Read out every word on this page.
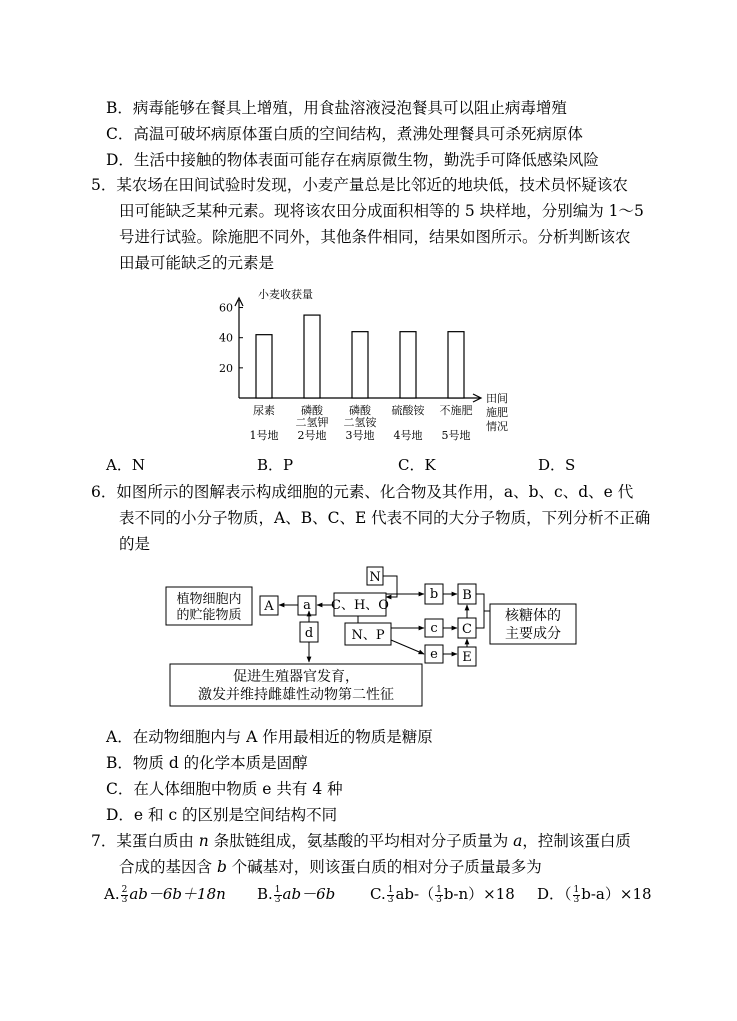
B．病毒能够在餐具上增殖，用食盐溶液浸泡餐具可以阻止病毒增殖
C．高温可破坏病原体蛋白质的空间结构，煮沸处理餐具可杀死病原体
D．生活中接触的物体表面可能存在病原微生物，勤洗手可降低感染风险
5．某农场在田间试验时发现，小麦产量总是比邻近的地块低，技术员怀疑该农
田可能缺乏某种元素。现将该农田分成面积相等的 5 块样地，分别编为 1～5
号进行试验。除施肥不同外，其他条件相同，结果如图所示。分析判断该农
田最可能缺乏的元素是
小麦收获量
20
40
60
尿素
1号地
磷酸
二氢钾
2号地
磷酸
二氢铵
3号地
硫酸铵
4号地
不施肥
5号地
田间
施肥
情况
A．N	B．P	C．K	D．S
6．如图所示的图解表示构成细胞的元素、化合物及其作用，a、b、c、d、e 代
表不同的小分子物质，A、B、C、E 代表不同的大分子物质，下列分析不正确
的是
植物细胞内
的贮能物质
A a C、H、O
N
d	N、P
b
c
e
B
C
E
核糖体的
主要成分
促进生殖器官发育，
激发并维持雌雄性动物第二性征
A．在动物细胞内与 A 作用最相近的物质是糖原
B．物质 d 的化学本质是固醇
C．在人体细胞中物质 e 共有 4 种
D．e 和 c 的区别是空间结构不同
7．某蛋白质由 n 条肽链组成，氨基酸的平均相对分子质量为 a，控制该蛋白质
合成的基因含 b 个碱基对，则该蛋白质的相对分子质量最多为
A. $\frac{2}{3} ab-6b+18n$ B. $\frac{1}{3} ab-6b$ C. $\frac{1}{3} ab-( \frac{1}{3} b-n)\times 18$ D．（ $\frac{1}{3} b-a)\times 18$
